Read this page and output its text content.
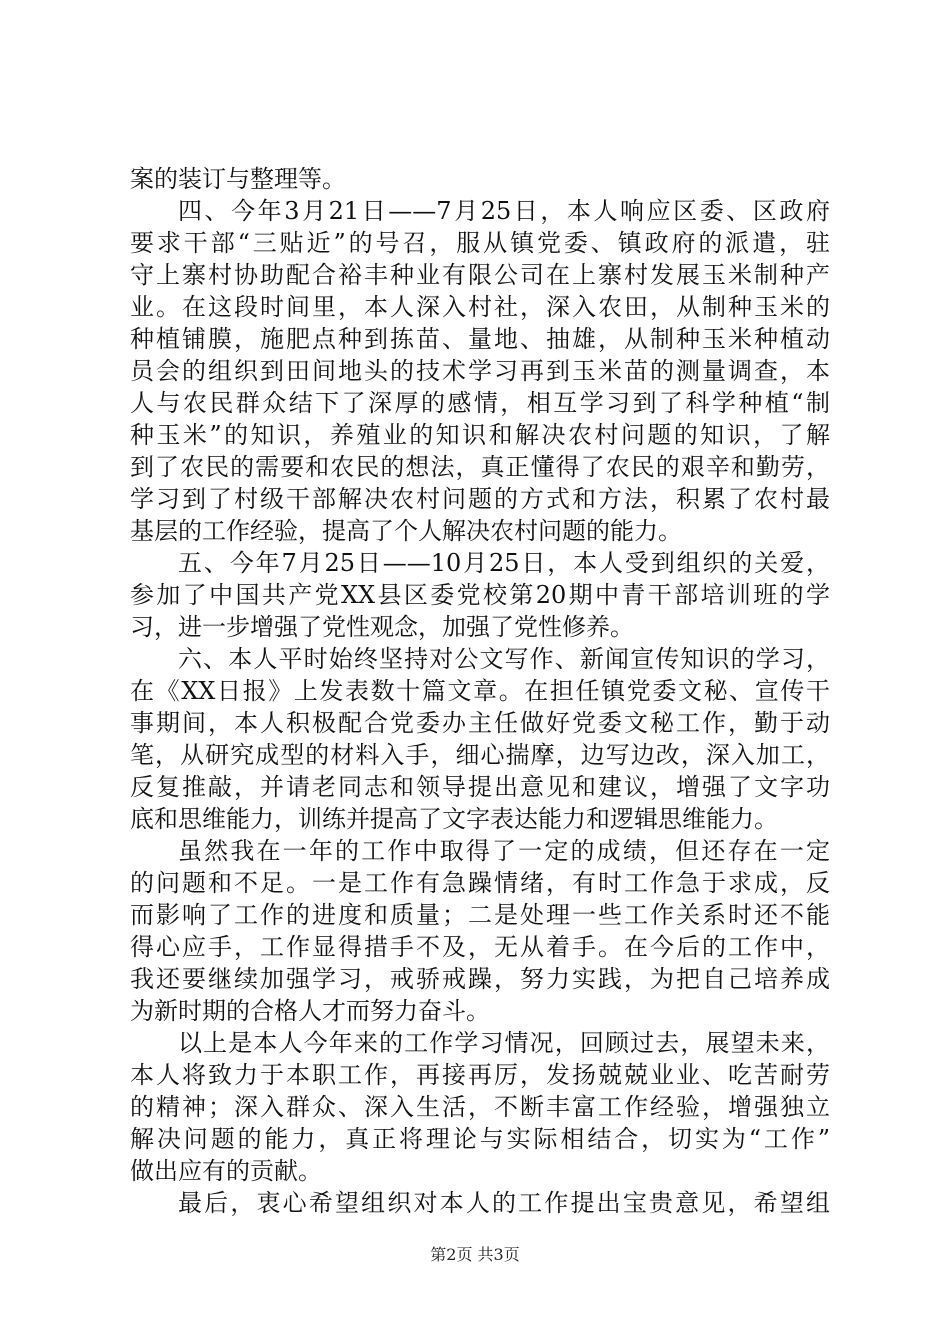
案的装订与整理等。
四、今年3月21日——7月25日，本人响应区委、区政府
要求干部“三贴近”的号召，服从镇党委、镇政府的派遣，驻
守上寨村协助配合裕丰种业有限公司在上寨村发展玉米制种产
业。在这段时间里，本人深入村社，深入农田，从制种玉米的
种植铺膜，施肥点种到拣苗、量地、抽雄，从制种玉米种植动
员会的组织到田间地头的技术学习再到玉米苗的测量调查，本
人与农民群众结下了深厚的感情，相互学习到了科学种植“制
种玉米”的知识，养殖业的知识和解决农村问题的知识，了解
到了农民的需要和农民的想法，真正懂得了农民的艰辛和勤劳，
学习到了村级干部解决农村问题的方式和方法，积累了农村最
基层的工作经验，提高了个人解决农村问题的能力。
五、今年7月25日——10月25日，本人受到组织的关爱，
参加了中国共产党XX县区委党校第20期中青干部培训班的学
习，进一步增强了党性观念，加强了党性修养。
六、本人平时始终坚持对公文写作、新闻宣传知识的学习，
在《XX日报》上发表数十篇文章。在担任镇党委文秘、宣传干
事期间，本人积极配合党委办主任做好党委文秘工作，勤于动
笔，从研究成型的材料入手，细心揣摩，边写边改，深入加工，
反复推敲，并请老同志和领导提出意见和建议，增强了文字功
底和思维能力，训练并提高了文字表达能力和逻辑思维能力。
虽然我在一年的工作中取得了一定的成绩，但还存在一定
的问题和不足。一是工作有急躁情绪，有时工作急于求成，反
而影响了工作的进度和质量；二是处理一些工作关系时还不能
得心应手，工作显得措手不及，无从着手。在今后的工作中，
我还要继续加强学习，戒骄戒躁，努力实践，为把自己培养成
为新时期的合格人才而努力奋斗。
以上是本人今年来的工作学习情况，回顾过去，展望未来，
本人将致力于本职工作，再接再厉，发扬兢兢业业、吃苦耐劳
的精神；深入群众、深入生活，不断丰富工作经验，增强独立
解决问题的能力，真正将理论与实际相结合，切实为“工作”
做出应有的贡献。
最后，衷心希望组织对本人的工作提出宝贵意见，希望组
第2页 共3页
